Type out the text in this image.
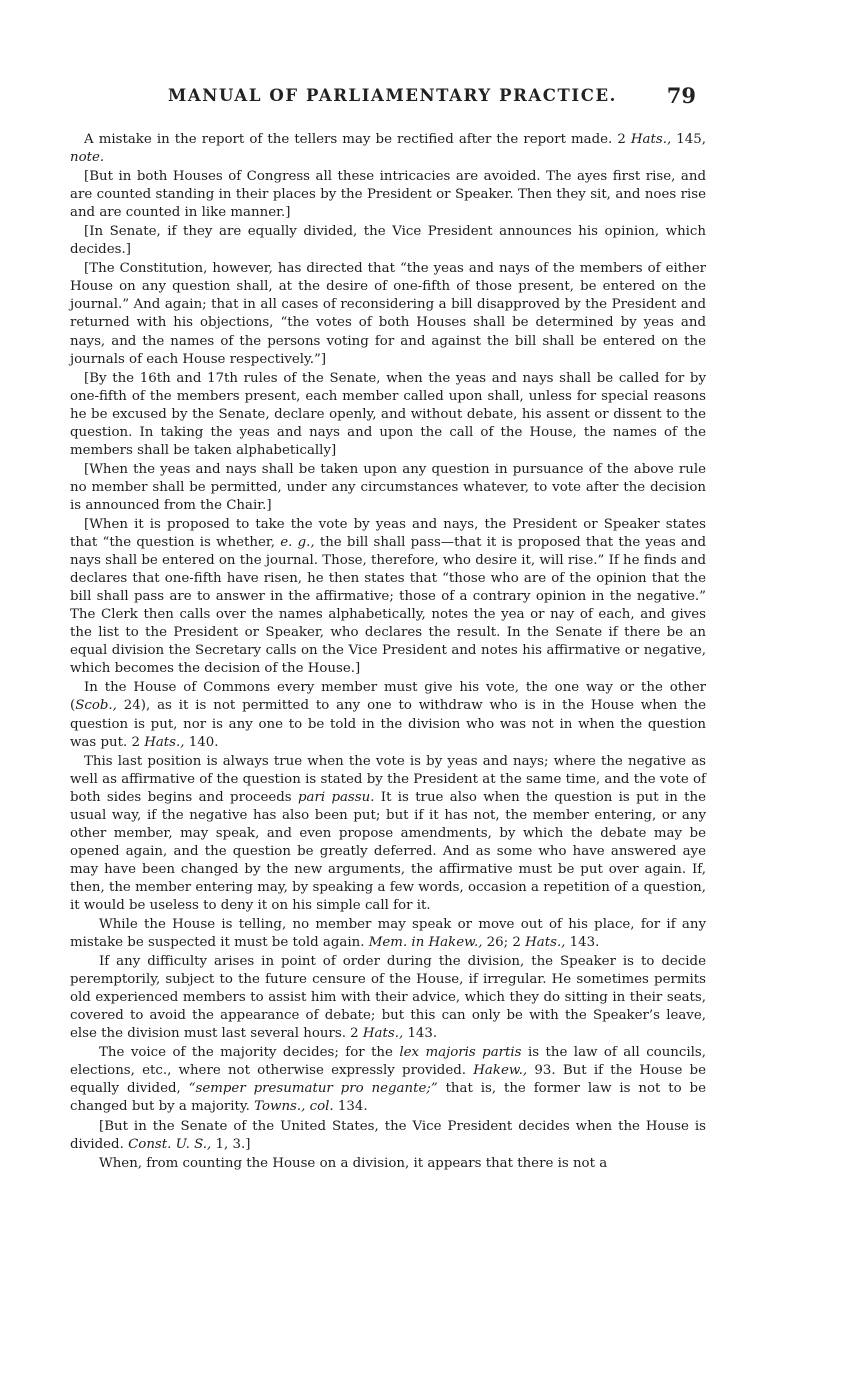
MANUAL OF PARLIAMENTARY PRACTICE. 79

A mistake in the report of the tellers may be rectified after the report made. 2 Hats., 145, note.

[But in both Houses of Congress all these intricacies are avoided. The ayes first rise, and are counted standing in their places by the President or Speaker. Then they sit, and noes rise and are counted in like manner.]

[In Senate, if they are equally divided, the Vice President announces his opinion, which decides.]

[The Constitution, however, has directed that “the yeas and nays of the members of either House on any question shall, at the desire of one-fifth of those present, be entered on the journal.” And again; that in all cases of reconsidering a bill disapproved by the President and returned with his objections, “the votes of both Houses shall be determined by yeas and nays, and the names of the persons voting for and against the bill shall be entered on the journals of each House respectively.”]

[By the 16th and 17th rules of the Senate, when the yeas and nays shall be called for by one-fifth of the members present, each member called upon shall, unless for special reasons he be excused by the Senate, declare openly, and without debate, his assent or dissent to the question. In taking the yeas and nays and upon the call of the House, the names of the members shall be taken alphabetically]

[When the yeas and nays shall be taken upon any question in pursuance of the above rule no member shall be permitted, under any circumstances whatever, to vote after the decision is announced from the Chair.]

[When it is proposed to take the vote by yeas and nays, the President or Speaker states that “the question is whether, e. g., the bill shall pass—that it is proposed that the yeas and nays shall be entered on the journal. Those, therefore, who desire it, will rise.” If he finds and declares that one-fifth have risen, he then states that “those who are of the opinion that the bill shall pass are to answer in the affirmative; those of a contrary opinion in the negative.” The Clerk then calls over the names alphabetically, notes the yea or nay of each, and gives the list to the President or Speaker, who declares the result. In the Senate if there be an equal division the Secretary calls on the Vice President and notes his affirmative or negative, which becomes the decision of the House.]

In the House of Commons every member must give his vote, the one way or the other (Scob., 24), as it is not permitted to any one to withdraw who is in the House when the question is put, nor is any one to be told in the division who was not in when the question was put. 2 Hats., 140.

This last position is always true when the vote is by yeas and nays; where the negative as well as affirmative of the question is stated by the President at the same time, and the vote of both sides begins and proceeds pari passu. It is true also when the question is put in the usual way, if the negative has also been put; but if it has not, the member entering, or any other member, may speak, and even propose amendments, by which the debate may be opened again, and the question be greatly deferred. And as some who have answered aye may have been changed by the new arguments, the affirmative must be put over again. If, then, the member entering may, by speaking a few words, occasion a repetition of a question, it would be useless to deny it on his simple call for it.

While the House is telling, no member may speak or move out of his place, for if any mistake be suspected it must be told again. Mem. in Hakew., 26; 2 Hats., 143.

If any difficulty arises in point of order during the division, the Speaker is to decide peremptorily, subject to the future censure of the House, if irregular. He sometimes permits old experienced members to assist him with their advice, which they do sitting in their seats, covered to avoid the appearance of debate; but this can only be with the Speaker’s leave, else the division must last several hours. 2 Hats., 143.

The voice of the majority decides; for the lex majoris partis is the law of all councils, elections, etc., where not otherwise expressly provided. Hakew., 93. But if the House be equally divided, “semper presumatur pro negante;” that is, the former law is not to be changed but by a majority. Towns., col. 134.

[But in the Senate of the United States, the Vice President decides when the House is divided. Const. U. S., 1, 3.]

When, from counting the House on a division, it appears that there is not a
